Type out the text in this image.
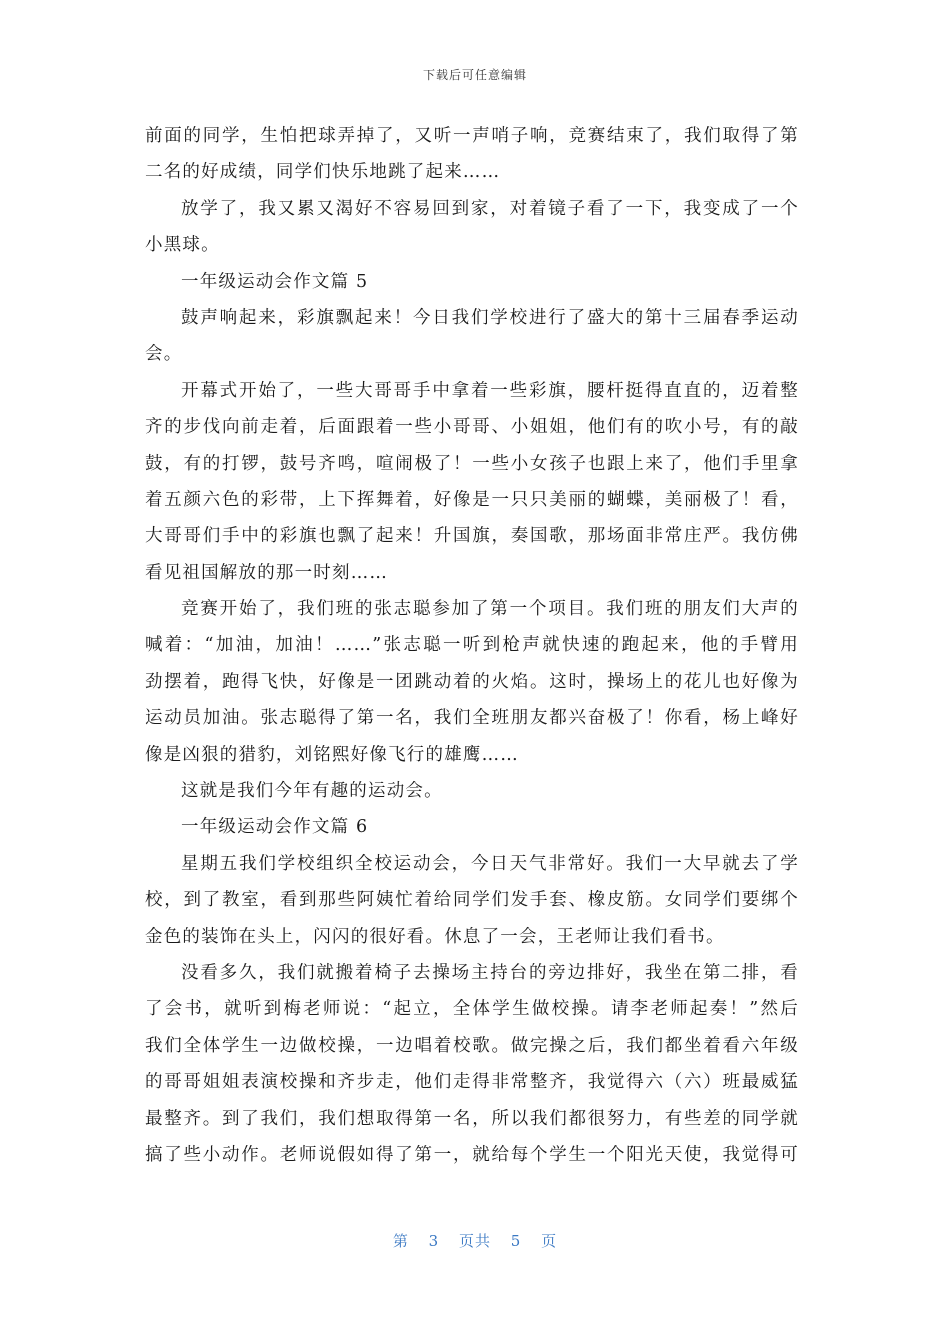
下载后可任意编辑
前面的同学，生怕把球弄掉了，又听一声哨子响，竞赛结束了，我们取得了第
二名的好成绩，同学们快乐地跳了起来……
放学了，我又累又渴好不容易回到家，对着镜子看了一下，我变成了一个
小黑球。
一年级运动会作文篇 5
鼓声响起来，彩旗飘起来！今日我们学校进行了盛大的第十三届春季运动
会。
开幕式开始了，一些大哥哥手中拿着一些彩旗，腰杆挺得直直的，迈着整
齐的步伐向前走着，后面跟着一些小哥哥、小姐姐，他们有的吹小号，有的敲
鼓，有的打锣，鼓号齐鸣，喧闹极了！一些小女孩子也跟上来了，他们手里拿
着五颜六色的彩带，上下挥舞着，好像是一只只美丽的蝴蝶，美丽极了！看，
大哥哥们手中的彩旗也飘了起来！升国旗，奏国歌，那场面非常庄严。我仿佛
看见祖国解放的那一时刻……
竞赛开始了，我们班的张志聪参加了第一个项目。我们班的朋友们大声的
喊着：“加油，加油！……”张志聪一听到枪声就快速的跑起来，他的手臂用
劲摆着，跑得飞快，好像是一团跳动着的火焰。这时，操场上的花儿也好像为
运动员加油。张志聪得了第一名，我们全班朋友都兴奋极了！你看，杨上峰好
像是凶狠的猎豹，刘铭熙好像飞行的雄鹰……
这就是我们今年有趣的运动会。
一年级运动会作文篇 6
星期五我们学校组织全校运动会，今日天气非常好。我们一大早就去了学
校，到了教室，看到那些阿姨忙着给同学们发手套、橡皮筋。女同学们要绑个
金色的装饰在头上，闪闪的很好看。休息了一会，王老师让我们看书。
没看多久，我们就搬着椅子去操场主持台的旁边排好，我坐在第二排，看
了会书，就听到梅老师说：“起立，全体学生做校操。请李老师起奏！”然后
我们全体学生一边做校操，一边唱着校歌。做完操之后，我们都坐着看六年级
的哥哥姐姐表演校操和齐步走，他们走得非常整齐，我觉得六（六）班最威猛
最整齐。到了我们，我们想取得第一名，所以我们都很努力，有些差的同学就
搞了些小动作。老师说假如得了第一，就给每个学生一个阳光天使，我觉得可
第 3 页共 5 页
